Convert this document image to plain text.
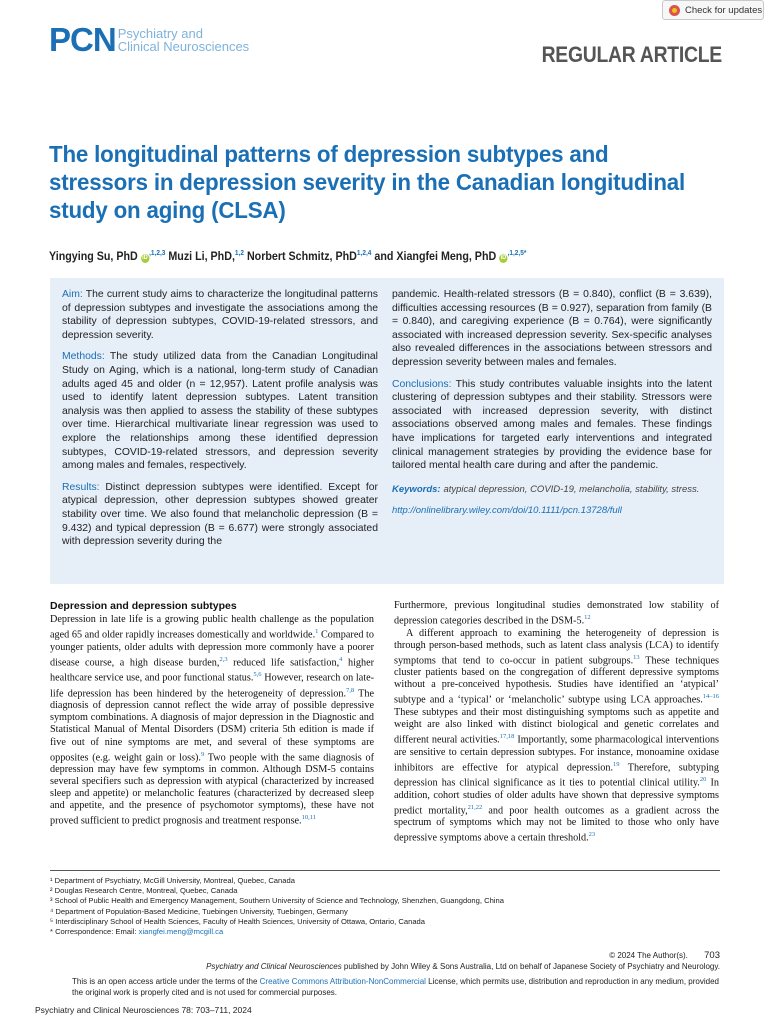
PCN Psychiatry and
Clinical Neurosciences
Check for updates
REGULAR ARTICLE
The longitudinal patterns of depression subtypes and stressors in depression severity in the Canadian longitudinal study on aging (CLSA)
Yingying Su, PhD $iD^{,1,2,3}$ Muzi Li, PhD,$^{1,2}$ Norbert Schmitz, PhD$^{1,2,4}$ and Xiangfei Meng, PhD $iD^{,1,2,5*}$

Aim: The current study aims to characterize the longitudinal patterns of depression subtypes and investigate the associations among the stability of depression subtypes, COVID-19-related stressors, and depression severity.

Methods: The study utilized data from the Canadian Longitudinal Study on Aging, which is a national, long-term study of Canadian adults aged 45 and older (n = 12,957). Latent profile analysis was used to identify latent depression subtypes. Latent transition analysis was then applied to assess the stability of these subtypes over time. Hierarchical multivariate linear regression was used to explore the relationships among these identified depression subtypes, COVID-19-related stressors, and depression severity among males and females, respectively.

Results: Distinct depression subtypes were identified. Except for atypical depression, other depression subtypes showed greater stability over time. We also found that melancholic depression (B = 9.432) and typical depression (B = 6.677) were strongly associated with depression severity during the

pandemic. Health-related stressors (B = 0.840), conflict (B = 3.639), difficulties accessing resources (B = 0.927), separation from family (B = 0.840), and caregiving experience (B = 0.764), were significantly associated with increased depression severity. Sex-specific analyses also revealed differences in the associations between stressors and depression severity between males and females.

Conclusions: This study contributes valuable insights into the latent clustering of depression subtypes and their stability. Stressors were associated with increased depression severity, with distinct associations observed among males and females. These findings have implications for targeted early interventions and integrated clinical management strategies by providing the evidence base for tailored mental health care during and after the pandemic.

Keywords: atypical depression, COVID-19, melancholia, stability, stress.

http://onlinelibrary.wiley.com/doi/10.1111/pcn.13728/full

Depression and depression subtypes

Depression in late life is a growing public health challenge as the population aged 65 and older rapidly increases domestically and worldwide.$^1$ Compared to younger patients, older adults with depression more commonly have a poorer disease course, a high disease burden,$^{2,3}$ reduced life satisfaction,$^4$ higher healthcare service use, and poor functional status.$^{5,6}$ However, research on late-life depression has been hindered by the heterogeneity of depression.$^{7,8}$ The diagnosis of depression cannot reflect the wide array of possible depressive symptom combinations. A diagnosis of major depression in the Diagnostic and Statistical Manual of Mental Disorders (DSM) criteria 5th edition is made if five out of nine symptoms are met, and several of these symptoms are opposites (e.g. weight gain or loss).$^9$ Two people with the same diagnosis of depression may have few symptoms in common. Although DSM-5 contains several specifiers such as depression with atypical (characterized by increased sleep and appetite) or melancholic features (characterized by decreased sleep and appetite, and the presence of psychomotor symptoms), these have not proved sufficient to predict prognosis and treatment response.$^{10,11}$

Furthermore, previous longitudinal studies demonstrated low stability of depression categories described in the DSM-5.12

A different approach to examining the heterogeneity of depression is through person-based methods, such as latent class analysis (LCA) to identify symptoms that tend to co-occur in patient subgroups.$^{13}$ These techniques cluster patients based on the congregation of different depressive symptoms without a pre-conceived hypothesis. Studies have identified an ‘atypical’ subtype and a ‘typical’ or ‘melancholic’ subtype using LCA approaches.$^{14-16}$ These subtypes and their most distinguishing symptoms such as appetite and weight are also linked with distinct biological and genetic correlates and different neural activities.$^{17,18}$ Importantly, some pharmacological interventions are sensitive to certain depression subtypes. For instance, monoamine oxidase inhibitors are effective for atypical depression.$^{19}$ Therefore, subtyping depression has clinical significance as it ties to potential clinical utility.$^{20}$ In addition, cohort studies of older adults have shown that depressive symptoms predict mortality,$^{21,22}$ and poor health outcomes as a gradient across the spectrum of symptoms which may not be limited to those who only have depressive symptoms above a certain threshold.$^{23}$

¹ Department of Psychiatry, McGill University, Montreal, Quebec, Canada
² Douglas Research Centre, Montreal, Quebec, Canada
³ School of Public Health and Emergency Management, Southern University of Science and Technology, Shenzhen, Guangdong, China
⁴ Department of Population-Based Medicine, Tuebingen University, Tuebingen, Germany
⁵ Interdisciplinary School of Health Sciences, Faculty of Health Sciences, University of Ottawa, Ontario, Canada
* Correspondence: Email: xiangfei.meng@mcgill.ca
© 2024 The Author(s). 703
Psychiatry and Clinical Neurosciences published by John Wiley & Sons Australia, Ltd on behalf of Japanese Society of Psychiatry and Neurology.
This is an open access article under the terms of the Creative Commons Attribution-NonCommercial License, which permits use, distribution and reproduction in any medium, provided the original work is properly cited and is not used for commercial purposes.
Psychiatry and Clinical Neurosciences 78: 703–711, 2024
